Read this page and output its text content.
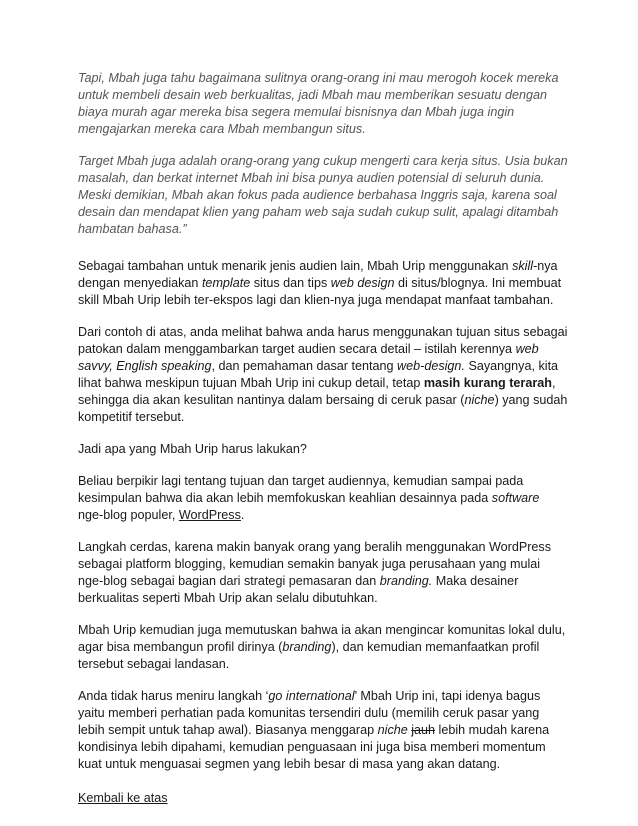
Tapi, Mbah juga tahu bagaimana sulitnya orang-orang ini mau merogoh kocek mereka untuk membeli desain web berkualitas, jadi Mbah mau memberikan sesuatu dengan biaya murah agar mereka bisa segera memulai bisnisnya dan Mbah juga ingin mengajarkan mereka cara Mbah membangun situs.

Target Mbah juga adalah orang-orang yang cukup mengerti cara kerja situs. Usia bukan masalah, dan berkat internet Mbah ini bisa punya audien potensial di seluruh dunia. Meski demikian, Mbah akan fokus pada audience berbahasa Inggris saja, karena soal desain dan mendapat klien yang paham web saja sudah cukup sulit, apalagi ditambah hambatan bahasa.”

Sebagai tambahan untuk menarik jenis audien lain, Mbah Urip menggunakan skill-nya dengan menyediakan template situs dan tips web design di situs/blognya. Ini membuat skill Mbah Urip lebih ter-ekspos lagi dan klien-nya juga mendapat manfaat tambahan.

Dari contoh di atas, anda melihat bahwa anda harus menggunakan tujuan situs sebagai patokan dalam menggambarkan target audien secara detail – istilah kerennya web savvy, English speaking, dan pemahaman dasar tentang web-design. Sayangnya, kita lihat bahwa meskipun tujuan Mbah Urip ini cukup detail, tetap masih kurang terarah, sehingga dia akan kesulitan nantinya dalam bersaing di ceruk pasar (niche) yang sudah kompetitif tersebut.

Jadi apa yang Mbah Urip harus lakukan?

Beliau berpikir lagi tentang tujuan dan target audiennya, kemudian sampai pada kesimpulan bahwa dia akan lebih memfokuskan keahlian desainnya pada software nge-blog populer, WordPress.

Langkah cerdas, karena makin banyak orang yang beralih menggunakan WordPress sebagai platform blogging, kemudian semakin banyak juga perusahaan yang mulai nge-blog sebagai bagian dari strategi pemasaran dan branding. Maka desainer berkualitas seperti Mbah Urip akan selalu dibutuhkan.

Mbah Urip kemudian juga memutuskan bahwa ia akan mengincar komunitas lokal dulu, agar bisa membangun profil dirinya (branding), dan kemudian memanfaatkan profil tersebut sebagai landasan.

Anda tidak harus meniru langkah ‘go international’ Mbah Urip ini, tapi idenya bagus yaitu memberi perhatian pada komunitas tersendiri dulu (memilih ceruk pasar yang lebih sempit untuk tahap awal). Biasanya menggarap niche jauh lebih mudah karena kondisinya lebih dipahami, kemudian penguasaan ini juga bisa memberi momentum kuat untuk menguasai segmen yang lebih besar di masa yang akan datang.

Kembali ke atas
